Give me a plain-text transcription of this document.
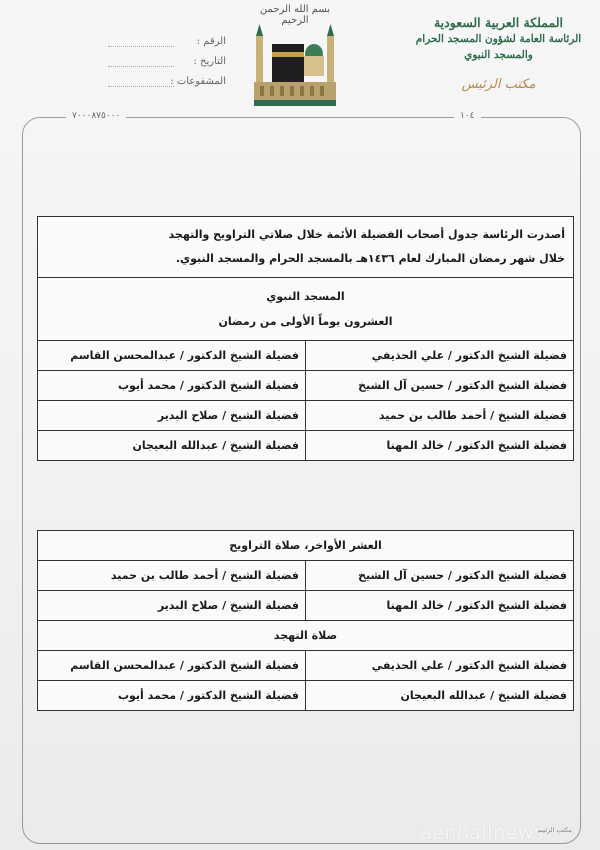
المملكة العربية السعودية
الرئاسة العامة لشؤون المسجد الحرام والمسجد النبوي
مكتب الرئيس
بسم الله الرحمن الرحيم
الرقم :
التاريخ :
المشفوعات :
١٠٤
٧٠٠٠٨٧٥٠٠٠
أصدرت الرئاسة جدول أصحاب الفضيلة الأئمة خلال صلاتي التراويح والتهجد
خلال شهر رمضان المبارك لعام ١٤٣٦هـ بالمسجد الحرام والمسجد النبوي.	

المسجد النبوي
العشرون يوماً الأولى من رمضان	

فضيلة الشيخ الدكتور / علي الحذيفي	فضيلة الشيخ الدكتور / عبدالمحسن القاسم
فضيلة الشيخ الدكتور / حسين آل الشيخ	فضيلة الشيخ الدكتور / محمد أيوب
فضيلة الشيخ / أحمد طالب بن حميد	فضيلة الشيخ / صلاح البدير
فضيلة الشيخ الدكتور / خالد المهنا	فضيلة الشيخ / عبدالله البعيجان
العشر الأواخر، صلاة التراويح	
فضيلة الشيخ الدكتور / حسين آل الشيخ	فضيلة الشيخ / أحمد طالب بن حميد
فضيلة الشيخ الدكتور / خالد المهنا	فضيلة الشيخ / صلاح البدير
صلاة التهجد	
فضيلة الشيخ الدكتور / علي الحذيفي	فضيلة الشيخ الدكتور / عبدالمحسن القاسم
فضيلة الشيخ / عبدالله البعيجان	فضيلة الشيخ الدكتور / محمد أيوب
مكتب الرئيس
aenhailnews
